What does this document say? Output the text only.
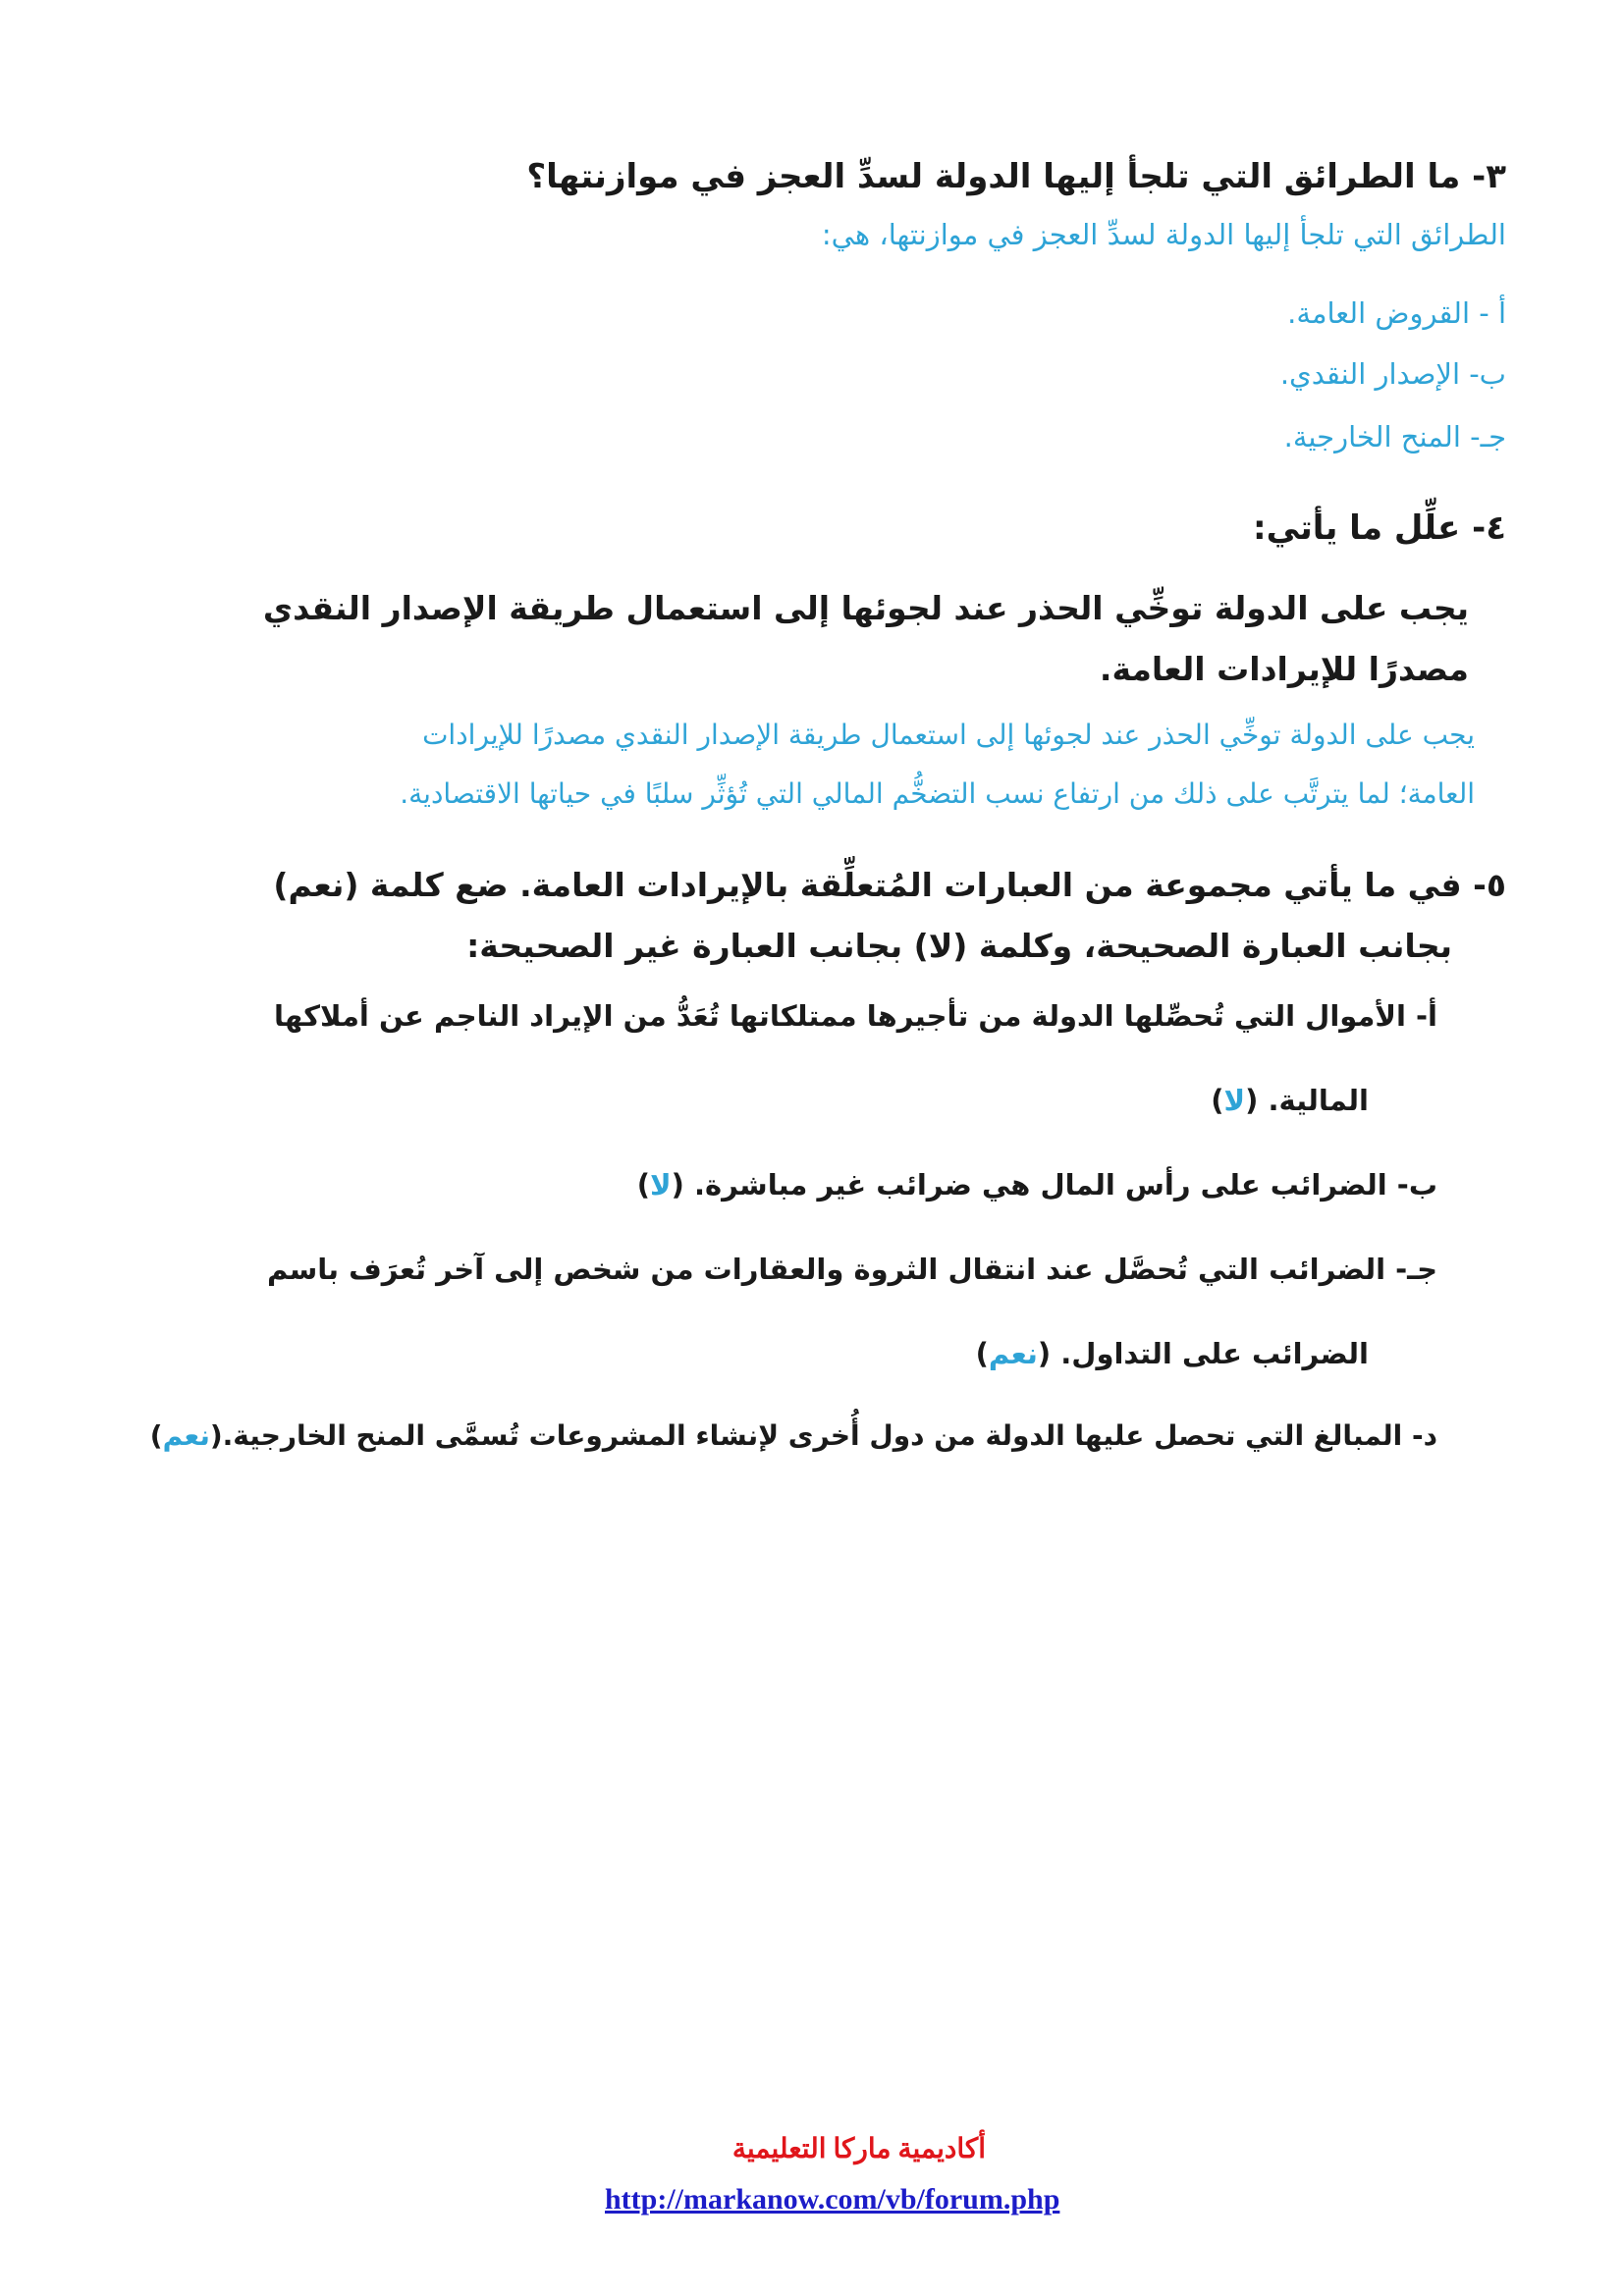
٣- ما الطرائق التي تلجأ إليها الدولة لسدِّ العجز في موازنتها؟
الطرائق التي تلجأ إليها الدولة لسدِّ العجز في موازنتها، هي:
أ - القروض العامة.
ب- الإصدار النقدي.
جـ- المنح الخارجية.
٤- علِّل ما يأتي:
يجب على الدولة توخِّي الحذر عند لجوئها إلى استعمال طريقة الإصدار النقدي
مصدرًا للإيرادات العامة.
يجب على الدولة توخِّي الحذر عند لجوئها إلى استعمال طريقة الإصدار النقدي مصدرًا للإيرادات
العامة؛ لما يترتَّب على ذلك من ارتفاع نسب التضخُّم المالي التي تُؤثِّر سلبًا في حياتها الاقتصادية.
٥- في ما يأتي مجموعة من العبارات المُتعلِّقة بالإيرادات العامة. ضع كلمة (نعم)
بجانب العبارة الصحيحة، وكلمة (لا) بجانب العبارة غير الصحيحة:
أ- الأموال التي تُحصِّلها الدولة من تأجيرها ممتلكاتها تُعَدُّ من الإيراد الناجم عن أملاكها
المالية. (لا)
ب- الضرائب على رأس المال هي ضرائب غير مباشرة. (لا)
جـ- الضرائب التي تُحصَّل عند انتقال الثروة والعقارات من شخص إلى آخر تُعرَف باسم
الضرائب على التداول. (نعم)
د- المبالغ التي تحصل عليها الدولة من دول أُخرى لإنشاء المشروعات تُسمَّى المنح الخارجية.(نعم)
أكاديمية ماركا التعليمية
http://markanow.com/vb/forum.php
